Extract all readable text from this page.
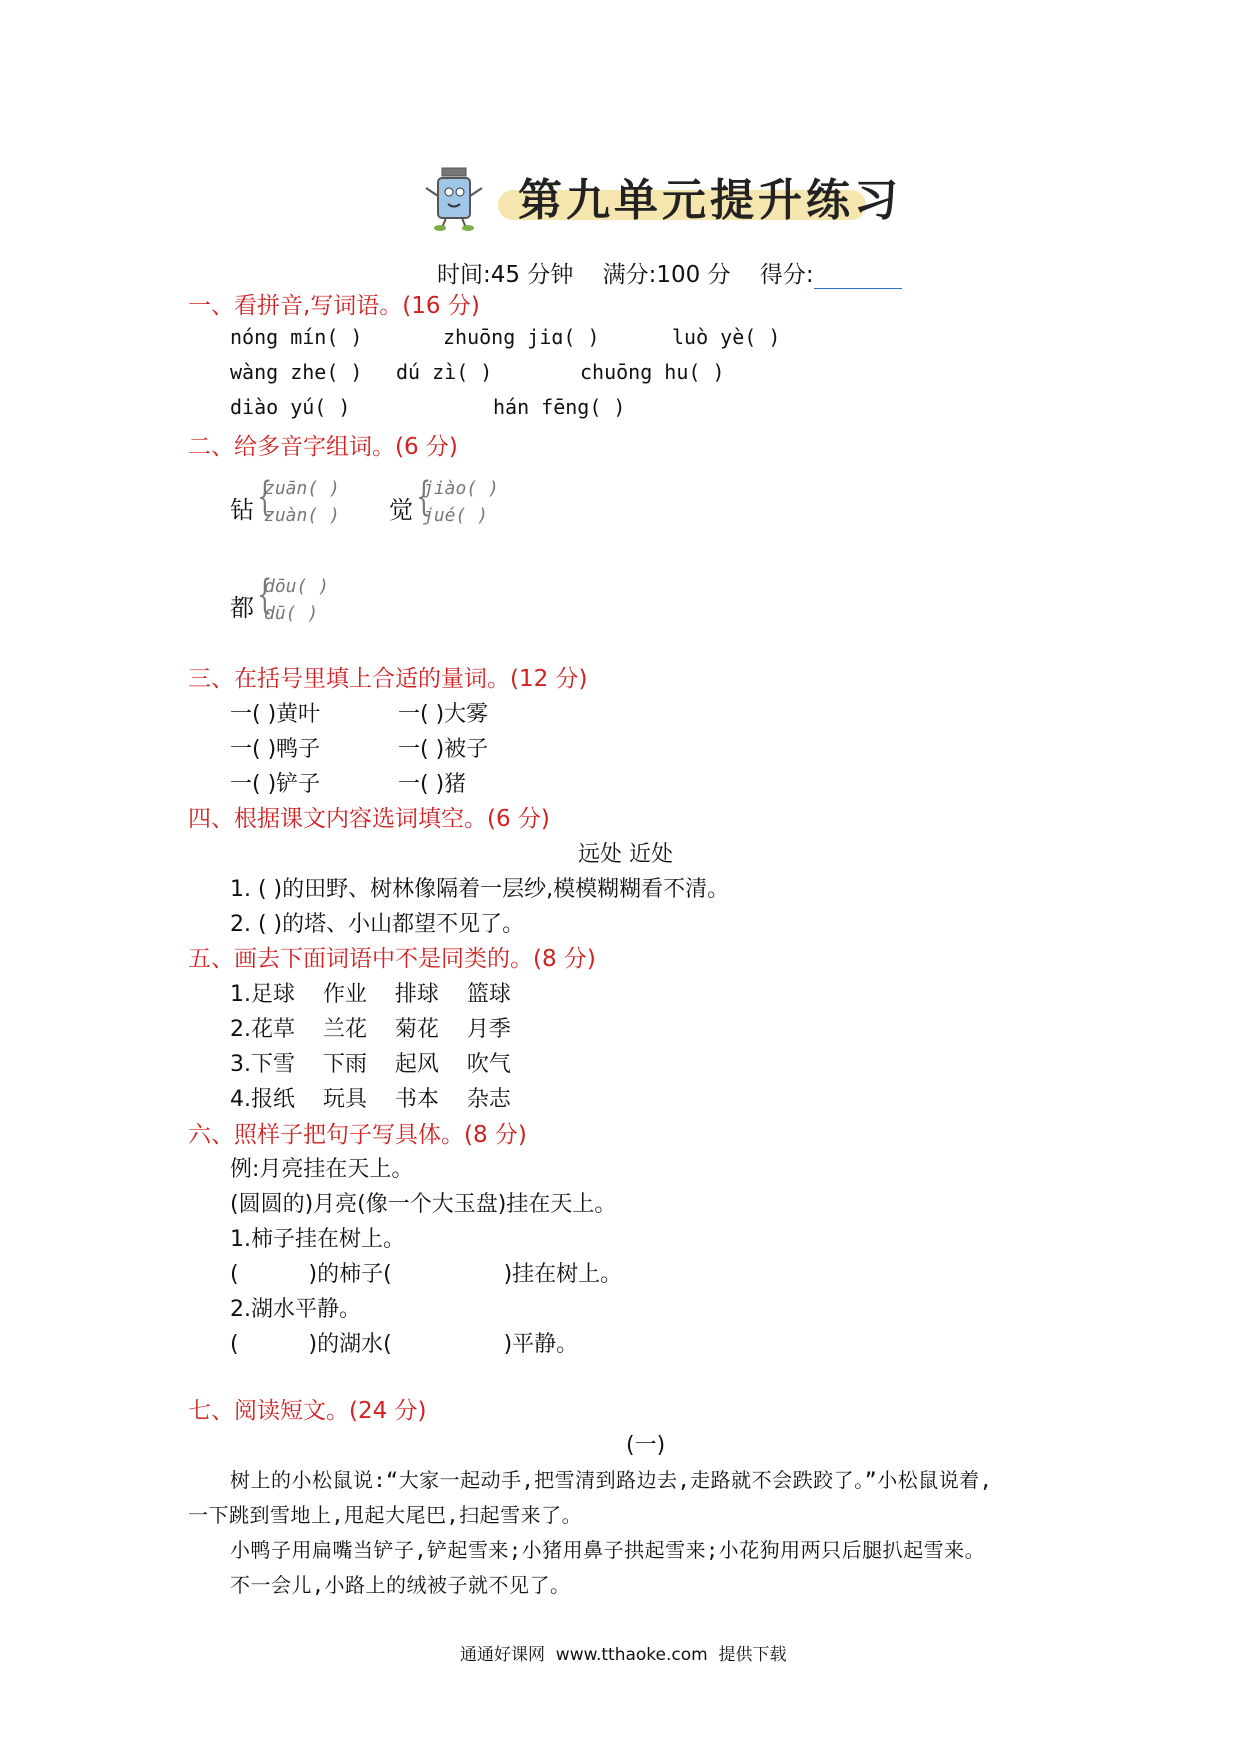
第九单元提升练习
时间:45 分钟 满分:100 分 得分:
一、看拼音,写词语。(16 分)
nóng mín( )	zhuōng jiɑ( )	luò yè( )
wàng zhe( ) dú zì( )	chuōng hu( )
diào yú( )	hán fēng( )
二、给多音字组词。(6 分)
钻 {
zuān( )
zuàn( ) 觉 {
jiào( )
jué( )
都 {
dōu( )
dū( )
三、在括号里填上合适的量词。(12 分)
一( )黄叶	一( )大雾
一( )鸭子	一( )被子
一( )铲子	一( )猪
四、根据课文内容选词填空。(6 分)
远处 近处
1. ( )的田野、树林像隔着一层纱,模模糊糊看不清。
2. ( )的塔、小山都望不见了。
五、画去下面词语中不是同类的。(8 分)
1.足球    作业    排球    篮球
2.花草    兰花    菊花    月季
3.下雪    下雨    起风    吹气
4.报纸    玩具    书本    杂志
六、照样子把句子写具体。(8 分)
例:月亮挂在天上。
(圆圆的)月亮(像一个大玉盘)挂在天上。
1.柿子挂在树上。
(          )的柿子(                )挂在树上。
2.湖水平静。
(          )的湖水(                )平静。
七、阅读短文。(24 分)
(一)
树上的小松鼠说:“大家一起动手,把雪清到路边去,走路就不会跌跤了。”小松鼠说着,
一下跳到雪地上,甩起大尾巴,扫起雪来了。
小鸭子用扁嘴当铲子,铲起雪来;小猪用鼻子拱起雪来;小花狗用两只后腿扒起雪来。
不一会儿,小路上的绒被子就不见了。
通通好课网  www.tthaoke.com  提供下载
